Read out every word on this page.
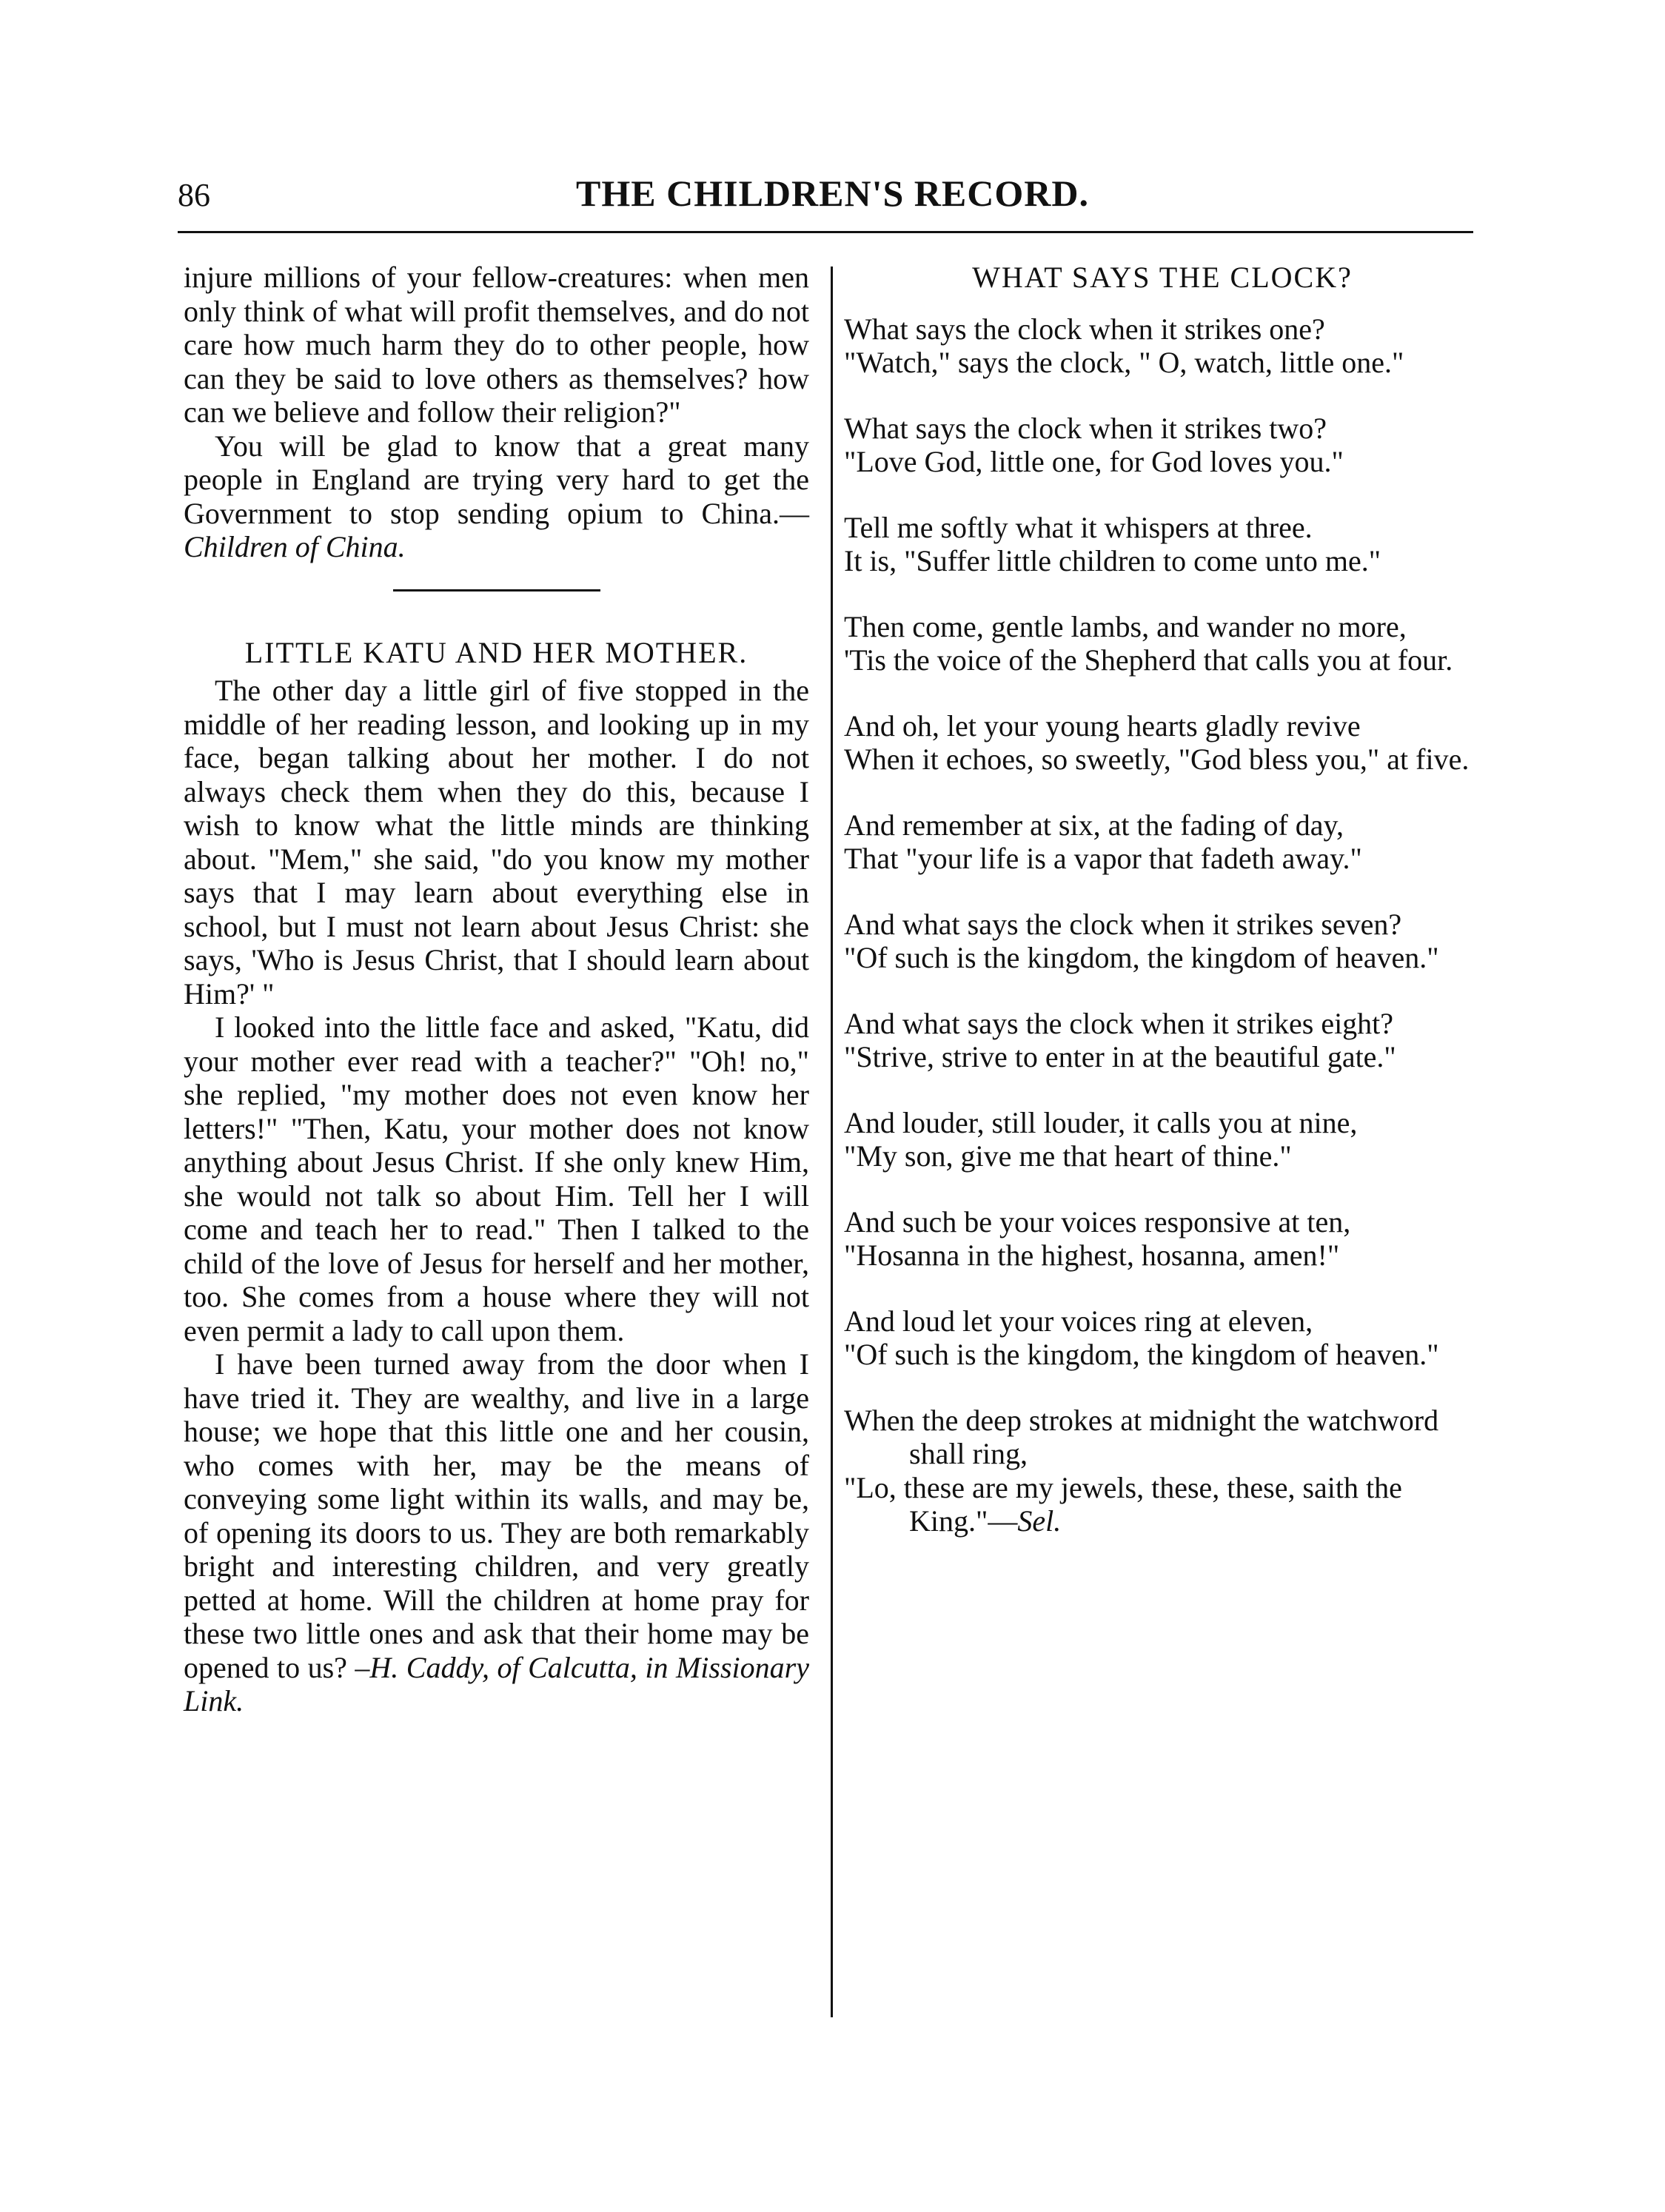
86	THE CHILDREN'S RECORD.

injure millions of your fellow-creatures: when men only think of what will profit themselves, and do not care how much harm they do to other people, how can they be said to love others as themselves? how can we believe and follow their religion?"

You will be glad to know that a great many people in England are trying very hard to get the Government to stop sending opium to China.—Children of China.

LITTLE KATU AND HER MOTHER.

The other day a little girl of five stopped in the middle of her reading lesson, and looking up in my face, began talking about her mother. I do not always check them when they do this, because I wish to know what the little minds are thinking about. "Mem," she said, "do you know my mother says that I may learn about everything else in school, but I must not learn about Jesus Christ: she says, 'Who is Jesus Christ, that I should learn about Him?' "

I looked into the little face and asked, "Katu, did your mother ever read with a teacher?" "Oh! no," she replied, "my mother does not even know her letters!" "Then, Katu, your mother does not know anything about Jesus Christ. If she only knew Him, she would not talk so about Him. Tell her I will come and teach her to read." Then I talked to the child of the love of Jesus for herself and her mother, too. She comes from a house where they will not even permit a lady to call upon them.

I have been turned away from the door when I have tried it. They are wealthy, and live in a large house; we hope that this little one and her cousin, who comes with her, may be the means of conveying some light within its walls, and may be, of opening its doors to us. They are both remarkably bright and interesting children, and very greatly petted at home. Will the children at home pray for these two little ones and ask that their home may be opened to us? –H. Caddy, of Calcutta, in Missionary Link.

WHAT SAYS THE CLOCK?

What says the clock when it strikes one?

"Watch," says the clock, " O, watch, little one."

What says the clock when it strikes two?

"Love God, little one, for God loves you."

Tell me softly what it whispers at three.

It is, "Suffer little children to come unto me."

Then come, gentle lambs, and wander no more,

'Tis the voice of the Shepherd that calls you at four.

And oh, let your young hearts gladly revive

When it echoes, so sweetly, "God bless you," at five.

And remember at six, at the fading of day,

That "your life is a vapor that fadeth away."

And what says the clock when it strikes seven?

"Of such is the kingdom, the kingdom of heaven."

And what says the clock when it strikes eight?

"Strive, strive to enter in at the beautiful gate."

And louder, still louder, it calls you at nine,

"My son, give me that heart of thine."

And such be your voices responsive at ten,

"Hosanna in the highest, hosanna, amen!"

And loud let your voices ring at eleven,

"Of such is the kingdom, the kingdom of heaven."

When the deep strokes at midnight the watchword shall ring,

"Lo, these are my jewels, these, these, saith the King."—Sel.
